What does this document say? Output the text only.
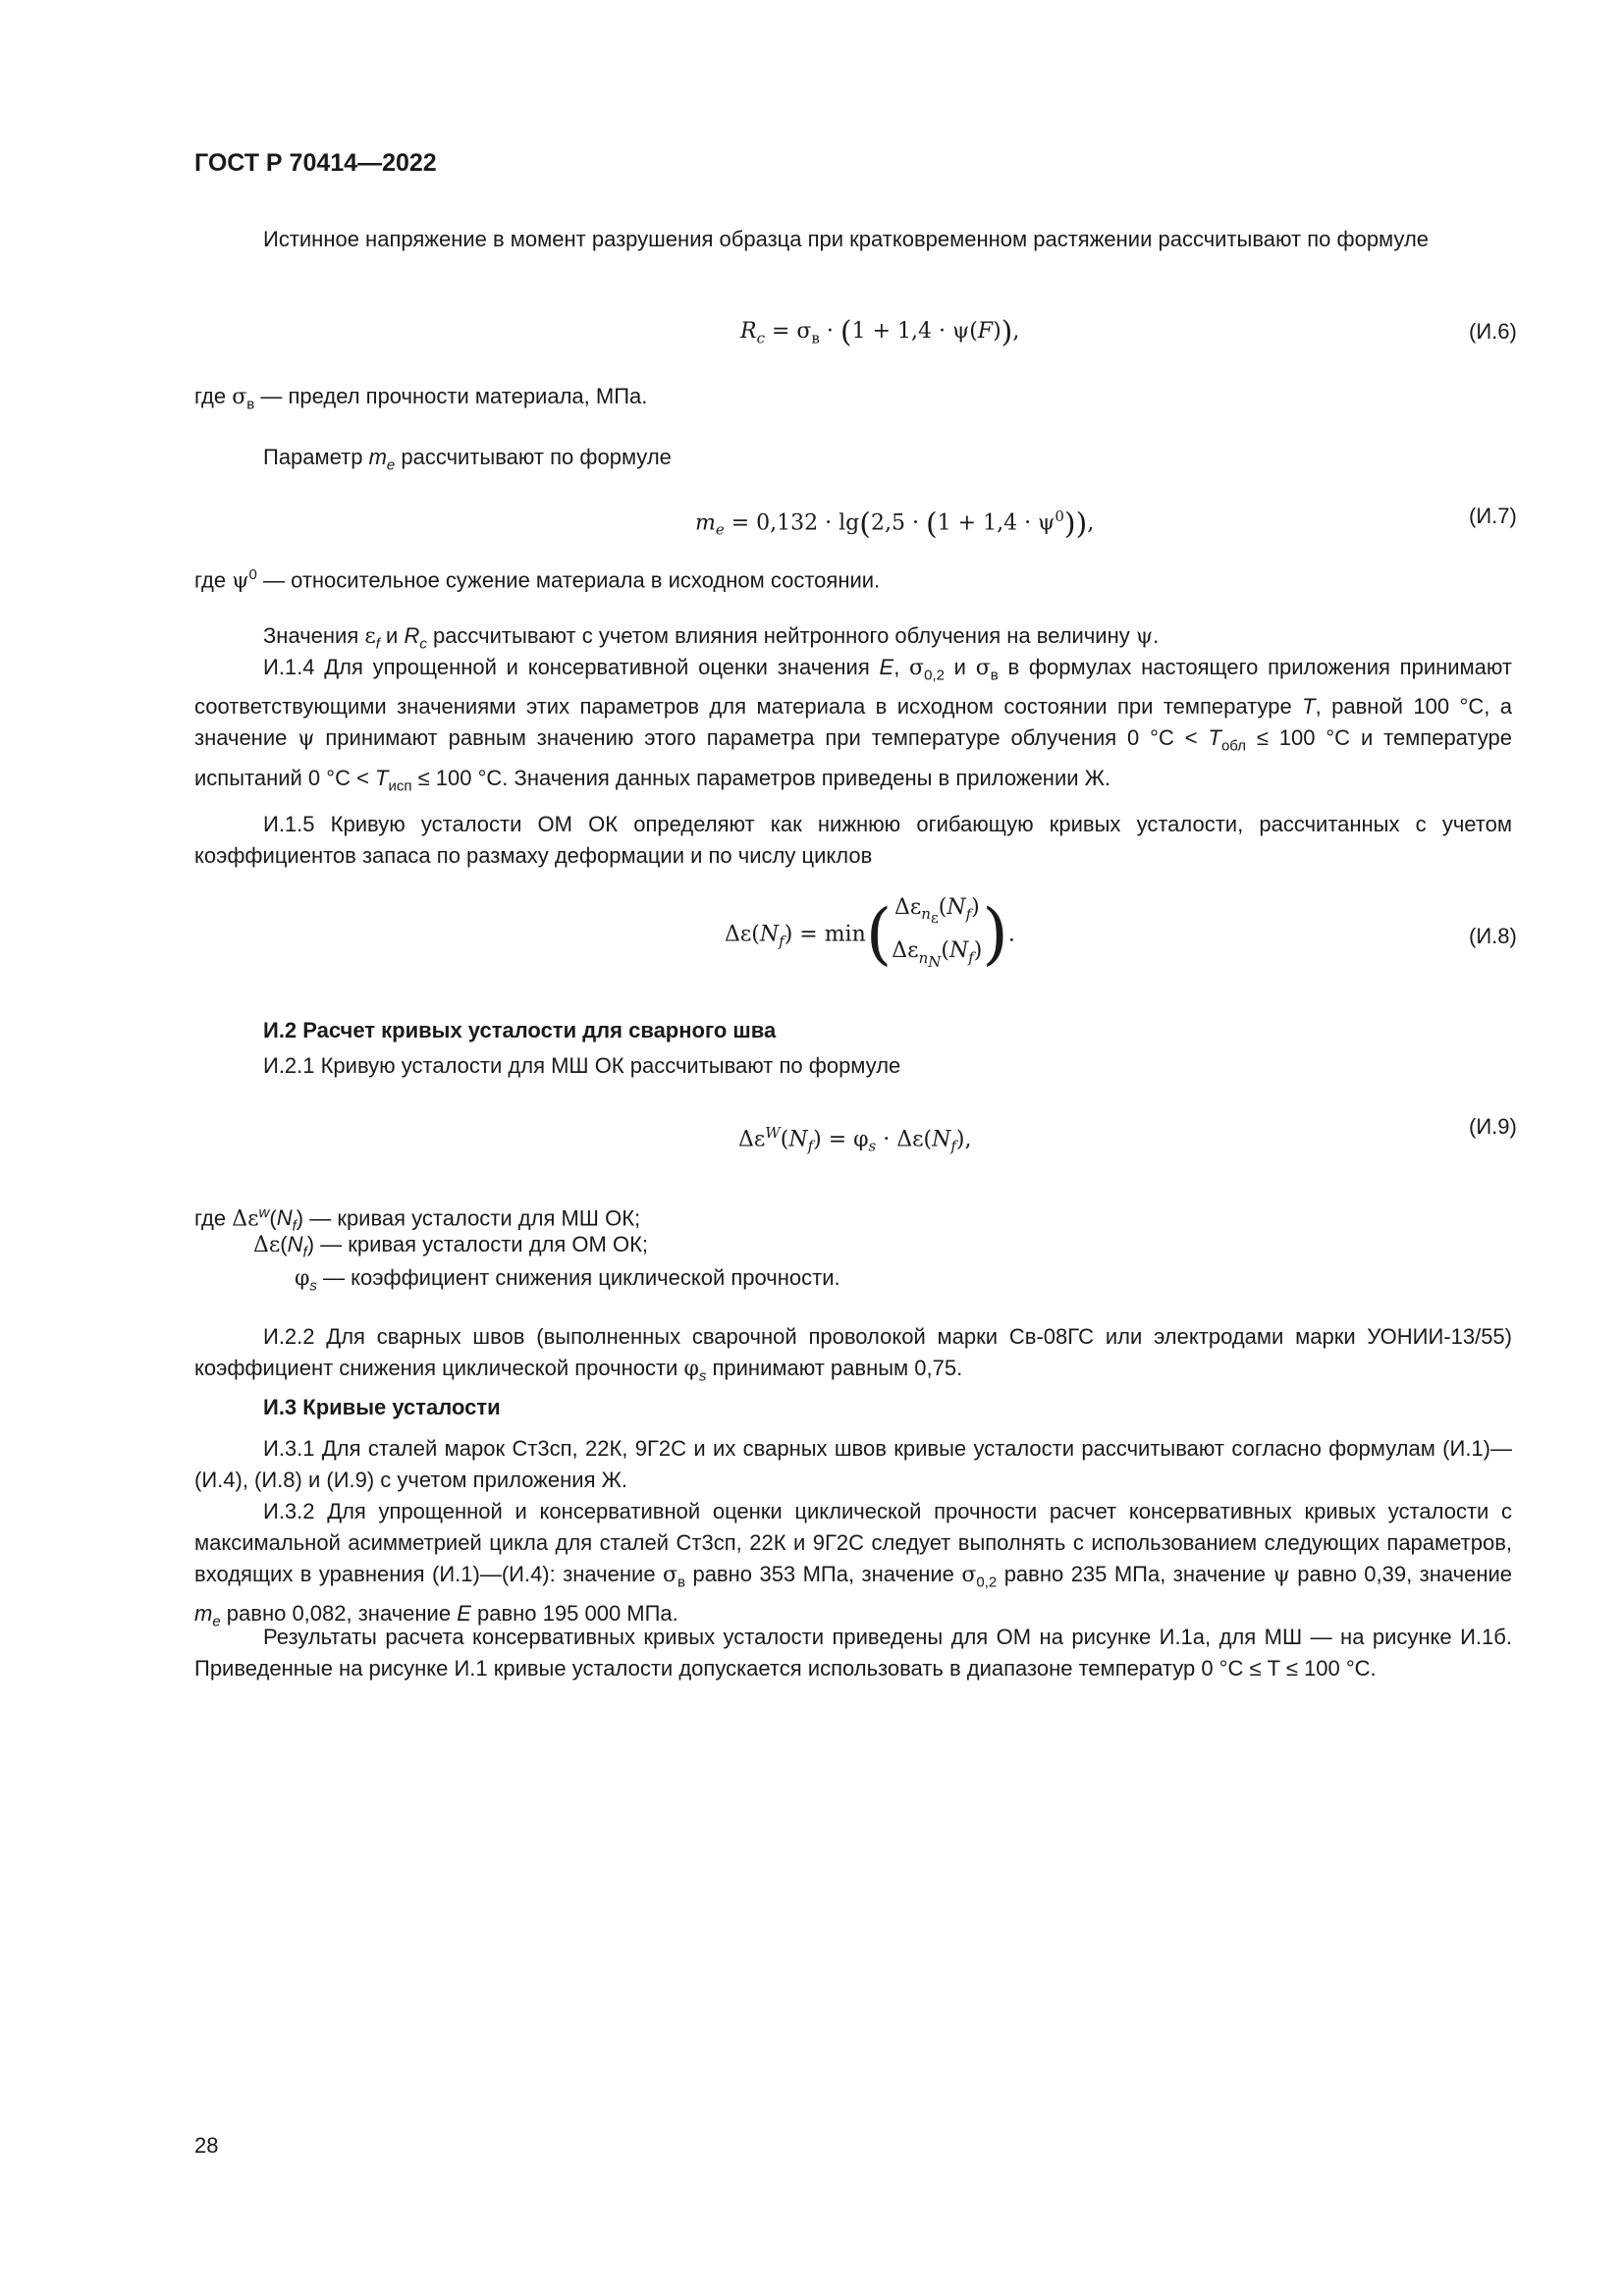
ГОСТ Р 70414—2022

Истинное напряжение в момент разрушения образца при кратковременном растяжении рассчитывают по формуле

$R_c = \sigma_в \cdot (1 + 1,4 \cdot \psi(F))$,	(И.6)
где $\sigma_в$ — предел прочности материала, МПа.
Параметр $m_e$ рассчитывают по формуле
$m_e = 0,132 \cdot \lg(2,5 \cdot (1 + 1,4 \cdot \psi^0))$,	(И.7)
где $\psi^0$ — относительное сужение материала в исходном состоянии.
Значения $\varepsilon_f$ и $R_c$ рассчитывают с учетом влияния нейтронного облучения на величину ψ.

И.1.4 Для упрощенной и консервативной оценки значения E, $\sigma_{0,2}$ и $\sigma_в$ в формулах настоящего приложения принимают соответствующими значениями этих параметров для материала в исходном состоянии при температуре T, равной 100 °С, а значение ψ принимают равным значению этого параметра при температуре облучения 0 $^\circ С < T_{обл} \le 100$ °С и температуре испытаний 0 $^\circ С < T_{исп} \le 100$ °С. Значения данных параметров приведены в приложении Ж.

И.1.5 Кривую усталости ОМ ОК определяют как нижнюю огибающую кривых усталости, рассчитанных с учетом коэффициентов запаса по размаху деформации и по числу циклов

$\Delta\varepsilon(N_f) = \min$( $\Delta\varepsilon_{n_\varepsilon}(N_f)$
$\Delta\varepsilon_{n_N}(N_f)$).	(И.8)
И.2 Расчет кривых усталости для сварного шва
И.2.1 Кривую усталости для МШ ОК рассчитывают по формуле
$\Delta\varepsilon^W(N_f) = \varphi_s \cdot \Delta\varepsilon(N_f)$,
(И.9)
где $\Delta\varepsilon^w(N_f)$ — кривая усталости для МШ ОК;
$\Delta\varepsilon(N_f)$ — кривая усталости для ОМ ОК;
$\varphi_s$ — коэффициент снижения циклической прочности.

И.2.2 Для сварных швов (выполненных сварочной проволокой марки Св-08ГС или электродами марки УОНИИ-13/55) коэффициент снижения циклической прочности $\varphi_s$ принимают равным 0,75.

И.3 Кривые усталости

И.3.1 Для сталей марок Ст3сп, 22К, 9Г2С и их сварных швов кривые усталости рассчитывают согласно формулам (И.1)—(И.4), (И.8) и (И.9) с учетом приложения Ж.

И.3.2 Для упрощенной и консервативной оценки циклической прочности расчет консервативных кривых усталости с максимальной асимметрией цикла для сталей Ст3сп, 22К и 9Г2С следует выполнять с использованием следующих параметров, входящих в уравнения (И.1)—(И.4): значение $\sigma_в$ равно 353 МПа, значение $\sigma_{0,2}$ равно 235 МПа, значение ψ равно 0,39, значение $m_e$ равно 0,082, значение E равно 195 000 МПа.

Результаты расчета консервативных кривых усталости приведены для ОМ на рисунке И.1а, для МШ — на рисунке И.1б. Приведенные на рисунке И.1 кривые усталости допускается использовать в диапазоне температур 0 °С ≤ T ≤ 100 °С.

28
